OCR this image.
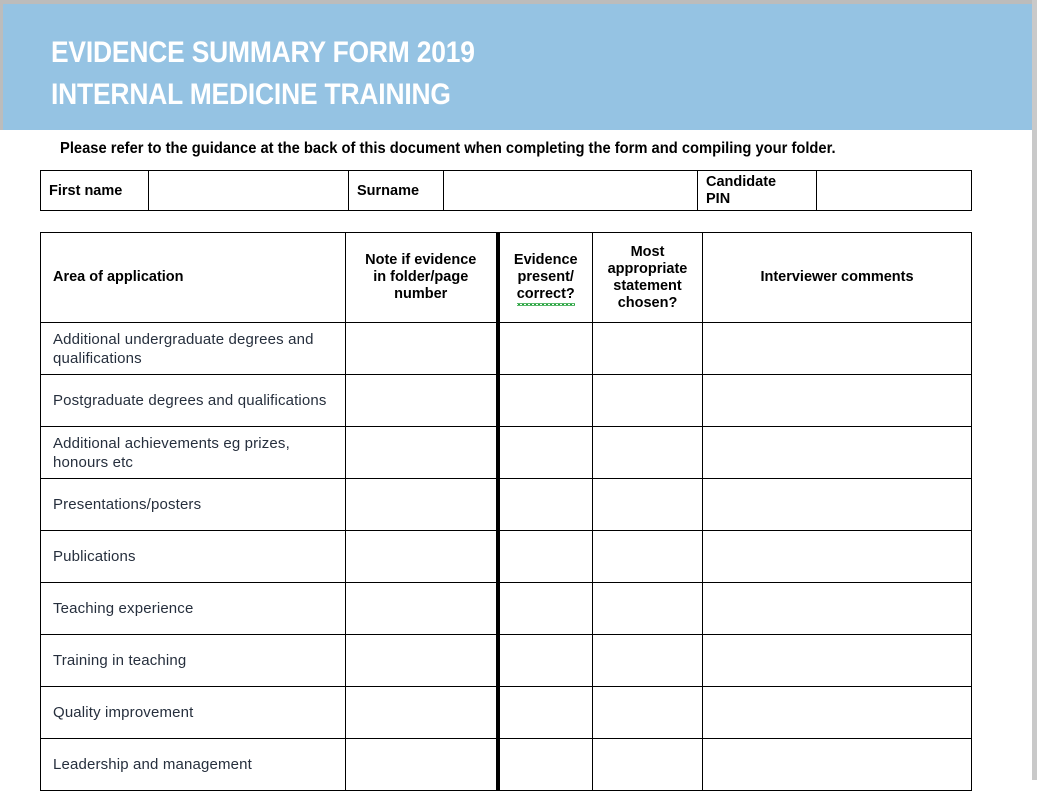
EVIDENCE SUMMARY FORM 2019
INTERNAL MEDICINE TRAINING
Please refer to the guidance at the back of this document when completing the form and compiling your folder.
First name		Surname		Candidate
PIN	
Area of application	Note if evidence
in folder/page
number	Evidence
present/
correct?	Most
appropriate
statement
chosen?	Interviewer comments
Additional undergraduate degrees and qualifications				
Postgraduate degrees and qualifications				
Additional achievements eg prizes, honours etc				
Presentations/posters				
Publications				
Teaching experience				
Training in teaching				
Quality improvement				
Leadership and management				
